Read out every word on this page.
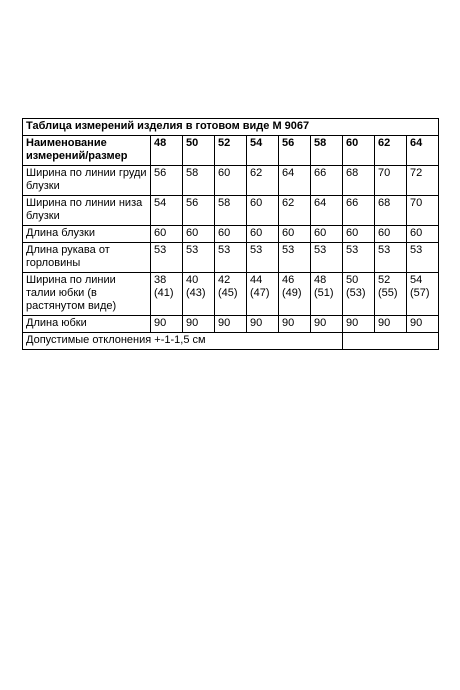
Таблица измерений изделия в готовом виде М 9067									
Наименование измерений/размер	48	50	52	54	56	58	60	62	64
Ширина по линии груди блузки	56	58	60	62	64	66	68	70	72
Ширина по линии низа блузки	54	56	58	60	62	64	66	68	70
Длина блузки	60	60	60	60	60	60	60	60	60
Длина рукава от горловины	53	53	53	53	53	53	53	53	53
Ширина по линии талии юбки (в растянутом виде)	38 (41)	40 (43)	42 (45)	44 (47)	46 (49)	48 (51)	50 (53)	52 (55)	54 (57)
Длина юбки	90	90	90	90	90	90	90	90	90
Допустимые отклонения +-1-1,5 см									
